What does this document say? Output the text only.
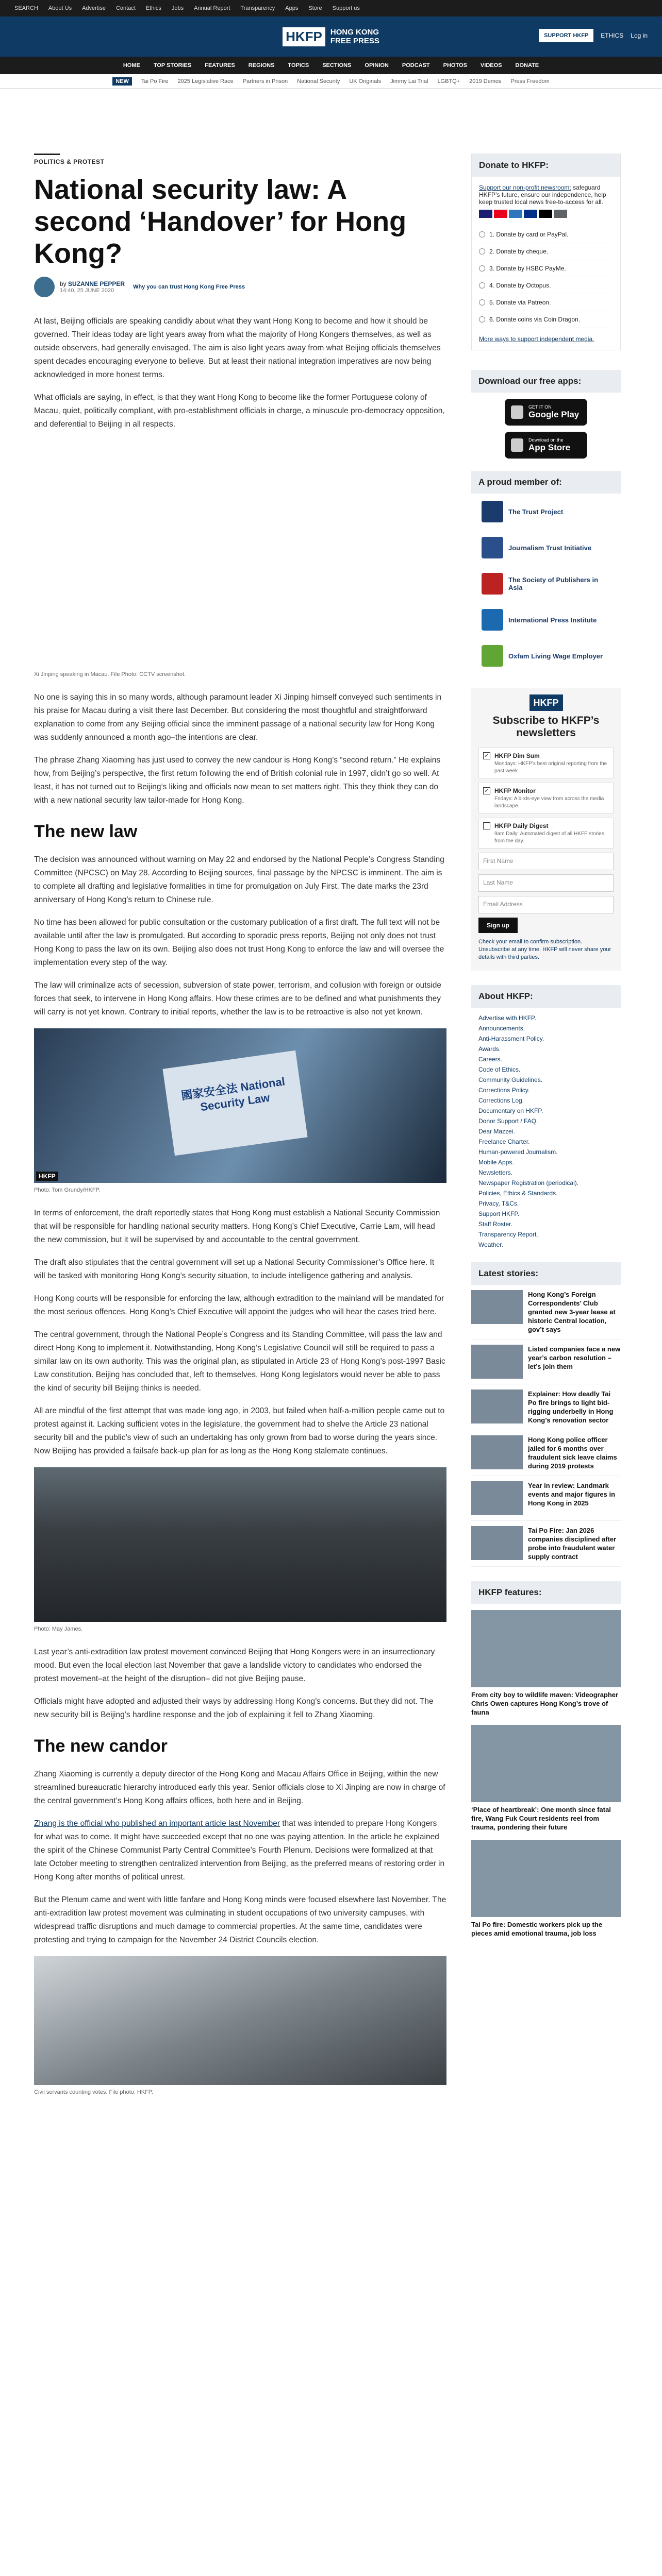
SEARCH About Us Advertise Contact Ethics Jobs Annual Report Transparency Apps Store Support us
HKFP	HONG KONG
FREE PRESS
SUPPORT HKFP	ETHICS Log in
HOME TOP STORIES FEATURES REGIONS TOPICS SECTIONS OPINION PODCAST PHOTOS VIDEOS DONATE
NEW	Tai Po Fire 2025 Legislative Race Partners in Prison National Security UK Originals Jimmy Lai Trial LGBTQ+ 2019 Demos Press Freedom
POLITICS & PROTEST
National security law: A second ‘Handover’ for Hong Kong?
by SUZANNE PEPPER
14:40, 25 JUNE 2020
Why you can trust Hong Kong Free Press

At last, Beijing officials are speaking candidly about what they want Hong Kong to become and how it should be governed. Their ideas today are light years away from what the majority of Hong Kongers themselves, as well as outside observers, had generally envisaged. The aim is also light years away from what Beijing officials themselves spent decades encouraging everyone to believe. But at least their national integration imperatives are now being acknowledged in more honest terms.

What officials are saying, in effect, is that they want Hong Kong to become like the former Portuguese colony of Macau, quiet, politically compliant, with pro-establishment officials in charge, a minuscule pro-democracy opposition, and deferential to Beijing in all respects.

Xi Jinping speaking in Macau. File Photo: CCTV screenshot.

No one is saying this in so many words, although paramount leader Xi Jinping himself conveyed such sentiments in his praise for Macau during a visit there last December. But considering the most thoughtful and straightforward explanation to come from any Beijing official since the imminent passage of a national security law for Hong Kong was suddenly announced a month ago–the intentions are clear.

The phrase Zhang Xiaoming has just used to convey the new candour is Hong Kong’s “second return.” He explains how, from Beijing’s perspective, the first return following the end of British colonial rule in 1997, didn’t go so well. At least, it has not turned out to Beijing’s liking and officials now mean to set matters right. This they think they can do with a new national security law tailor-made for Hong Kong.

The new law

The decision was announced without warning on May 22 and endorsed by the National People’s Congress Standing Committee (NPCSC) on May 28. According to Beijing sources, final passage by the NPCSC is imminent. The aim is to complete all drafting and legislative formalities in time for promulgation on July First. The date marks the 23rd anniversary of Hong Kong’s return to Chinese rule.

No time has been allowed for public consultation or the customary publication of a first draft. The full text will not be available until after the law is promulgated. But according to sporadic press reports, Beijing not only does not trust Hong Kong to pass the law on its own. Beijing also does not trust Hong Kong to enforce the law and will oversee the implementation every step of the way.

The law will criminalize acts of secession, subversion of state power, terrorism, and collusion with foreign or outside forces that seek, to intervene in Hong Kong affairs. How these crimes are to be defined and what punishments they will carry is not yet known. Contrary to initial reports, whether the law is to be retroactive is also not yet known.

國家安全法 National Security Law
HKFP
Photo: Tom Grundy/HKFP.

In terms of enforcement, the draft reportedly states that Hong Kong must establish a National Security Commission that will be responsible for handling national security matters. Hong Kong’s Chief Executive, Carrie Lam, will head the new commission, but it will be supervised by and accountable to the central government.

The draft also stipulates that the central government will set up a National Security Commissioner’s Office here. It will be tasked with monitoring Hong Kong’s security situation, to include intelligence gathering and analysis.

Hong Kong courts will be responsible for enforcing the law, although extradition to the mainland will be mandated for the most serious offences. Hong Kong’s Chief Executive will appoint the judges who will hear the cases tried here.

The central government, through the National People’s Congress and its Standing Committee, will pass the law and direct Hong Kong to implement it. Notwithstanding, Hong Kong’s Legislative Council will still be required to pass a similar law on its own authority. This was the original plan, as stipulated in Article 23 of Hong Kong’s post-1997 Basic Law constitution. Beijing has concluded that, left to themselves, Hong Kong legislators would never be able to pass the kind of security bill Beijing thinks is needed.

All are mindful of the first attempt that was made long ago, in 2003, but failed when half-a-million people came out to protest against it. Lacking sufficient votes in the legislature, the government had to shelve the Article 23 national security bill and the public’s view of such an undertaking has only grown from bad to worse during the years since. Now Beijing has provided a failsafe back-up plan for as long as the Hong Kong stalemate continues.

Photo: May James.

Last year’s anti-extradition law protest movement convinced Beijing that Hong Kongers were in an insurrectionary mood. But even the local election last November that gave a landslide victory to candidates who endorsed the protest movement–at the height of the disruption– did not give Beijing pause.

Officials might have adopted and adjusted their ways by addressing Hong Kong’s concerns. But they did not. The new security bill is Beijing’s hardline response and the job of explaining it fell to Zhang Xiaoming.

The new candor

Zhang Xiaoming is currently a deputy director of the Hong Kong and Macau Affairs Office in Beijing, within the new streamlined bureaucratic hierarchy introduced early this year. Senior officials close to Xi Jinping are now in charge of the central government’s Hong Kong affairs offices, both here and in Beijing.

Zhang is the official who published an important article last November that was intended to prepare Hong Kongers for what was to come. It might have succeeded except that no one was paying attention. In the article he explained the spirit of the Chinese Communist Party Central Committee’s Fourth Plenum. Decisions were formalized at that late October meeting to strengthen centralized intervention from Beijing, as the preferred means of restoring order in Hong Kong after months of political unrest.

But the Plenum came and went with little fanfare and Hong Kong minds were focused elsewhere last November. The anti-extradition law protest movement was culminating in student occupations of two university campuses, with widespread traffic disruptions and much damage to commercial properties. At the same time, candidates were protesting and trying to campaign for the November 24 District Councils election.

Civil servants counting votes. File photo: HKFP.
Donate to HKFP:
Support our non-profit newsroom: safeguard HKFP’s future, ensure our independence, help keep trusted local news free-to-access for all.
1. Donate by card or PayPal.
2. Donate by cheque.
3. Donate by HSBC PayMe.
4. Donate by Octopus.
5. Donate via Patreon.
6. Donate coins via Coin Dragon.
More ways to support independent media.
Download our free apps:
GET IT ON
Google Play
Download on the
App Store
A proud member of:
The Trust Project
Journalism Trust Initiative
The Society of Publishers in Asia
International Press Institute
Oxfam Living Wage Employer
HKFP
Subscribe to HKFP’s newsletters
✓ HKFP Dim Sum
Mondays: HKFP’s best original reporting from the past week.
✓ HKFP Monitor
Fridays: A birds-eye view from across the media landscape.
HKFP Daily Digest
9am Daily: Automated digest of all HKFP stories from the day.
First Name
Last Name
Email Address
Sign up
Check your email to confirm subscription. Unsubscribe at any time. HKFP will never share your details with third parties.
About HKFP:
Advertise with HKFP.
Announcements.
Anti-Harassment Policy.
Awards.
Careers.
Code of Ethics.
Community Guidelines.
Corrections Policy.
Corrections Log.
Documentary on HKFP.
Donor Support / FAQ.
Dear Mazzei.
Freelance Charter.
Human-powered Journalism.
Mobile Apps.
Newsletters.
Newspaper Registration (periodical).
Policies, Ethics & Standards.
Privacy, T&Cs.
Support HKFP.
Staff Roster.
Transparency Report.
Weather.
Latest stories:
Hong Kong’s Foreign Correspondents’ Club granted new 3-year lease at historic Central location, gov’t says
Listed companies face a new year’s carbon resolution – let’s join them
Explainer: How deadly Tai Po fire brings to light bid-rigging underbelly in Hong Kong’s renovation sector
Hong Kong police officer jailed for 6 months over fraudulent sick leave claims during 2019 protests
Year in review: Landmark events and major figures in Hong Kong in 2025
Tai Po Fire: Jan 2026 companies disciplined after probe into fraudulent water supply contract
HKFP features:
From city boy to wildlife maven: Videographer Chris Owen captures Hong Kong’s trove of fauna
‘Place of heartbreak’: One month since fatal fire, Wang Fuk Court residents reel from trauma, pondering their future
Tai Po fire: Domestic workers pick up the pieces amid emotional trauma, job loss
